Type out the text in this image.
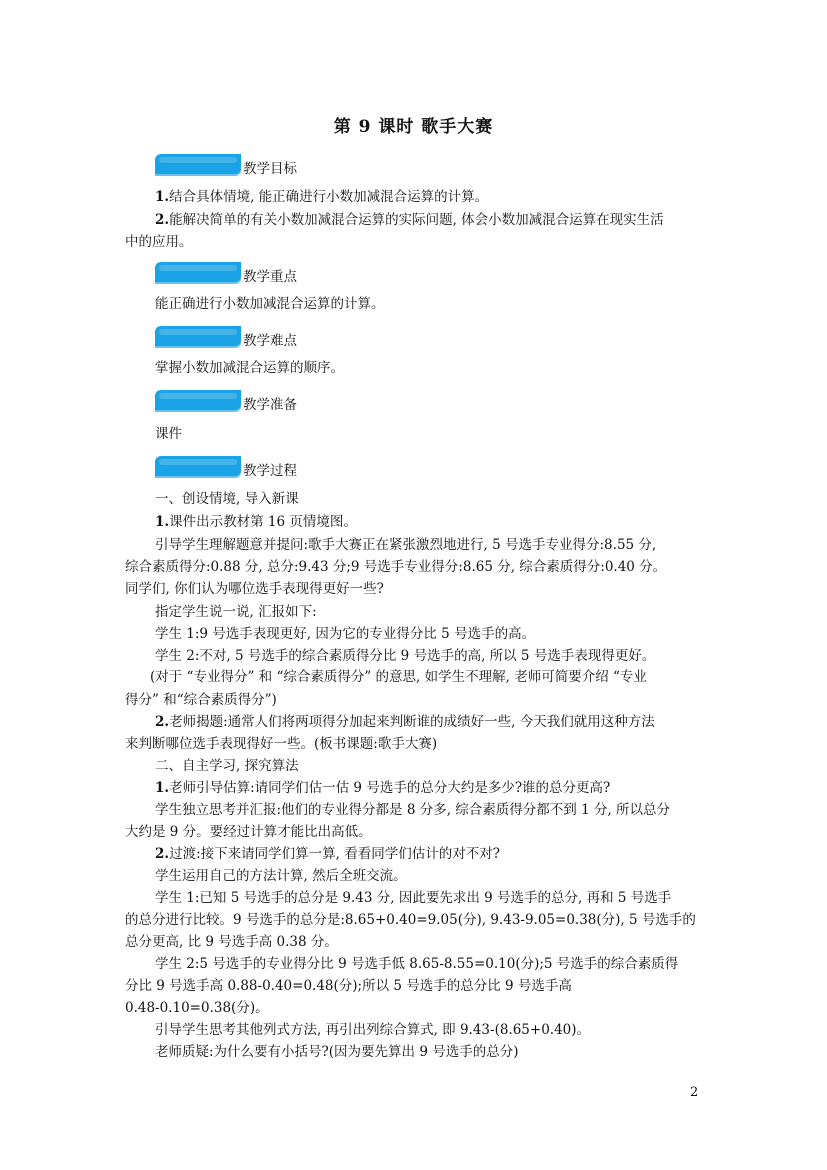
第 9 课时 歌手大赛
教学目标
1.结合具体情境, 能正确进行小数加减混合运算的计算。
2.能解决简单的有关小数加减混合运算的实际问题, 体会小数加减混合运算在现实生活
中的应用。
教学重点
能正确进行小数加减混合运算的计算。
教学难点
掌握小数加减混合运算的顺序。
教学准备
课件
教学过程
一、创设情境, 导入新课
1.课件出示教材第 16 页情境图。
引导学生理解题意并提问:歌手大赛正在紧张激烈地进行, 5 号选手专业得分:8.55 分,
综合素质得分:0.88 分, 总分:9.43 分;9 号选手专业得分:8.65 分, 综合素质得分:0.40 分。
同学们, 你们认为哪位选手表现得更好一些?
指定学生说一说, 汇报如下:
学生 1:9 号选手表现更好, 因为它的专业得分比 5 号选手的高。
学生 2:不对, 5 号选手的综合素质得分比 9 号选手的高, 所以 5 号选手表现得更好。
(对于 “专业得分” 和 “综合素质得分” 的意思, 如学生不理解, 老师可简要介绍 “专业
得分” 和“综合素质得分”)
2.老师揭题:通常人们将两项得分加起来判断谁的成绩好一些, 今天我们就用这种方法
来判断哪位选手表现得好一些。(板书课题:歌手大赛)
二、自主学习, 探究算法
1.老师引导估算:请同学们估一估 9 号选手的总分大约是多少?谁的总分更高?
学生独立思考并汇报:他们的专业得分都是 8 分多, 综合素质得分都不到 1 分, 所以总分
大约是 9 分。要经过计算才能比出高低。
2.过渡:接下来请同学们算一算, 看看同学们估计的对不对?
学生运用自己的方法计算, 然后全班交流。
学生 1:已知 5 号选手的总分是 9.43 分, 因此要先求出 9 号选手的总分, 再和 5 号选手
的总分进行比较。9 号选手的总分是:8.65+0.40=9.05(分), 9.43-9.05=0.38(分), 5 号选手的
总分更高, 比 9 号选手高 0.38 分。
学生 2:5 号选手的专业得分比 9 号选手低 8.65-8.55=0.10(分);5 号选手的综合素质得
分比 9 号选手高 0.88-0.40=0.48(分);所以 5 号选手的总分比 9 号选手高
0.48-0.10=0.38(分)。
引导学生思考其他列式方法, 再引出列综合算式, 即 9.43-(8.65+0.40)。
老师质疑:为什么要有小括号?(因为要先算出 9 号选手的总分)
2
